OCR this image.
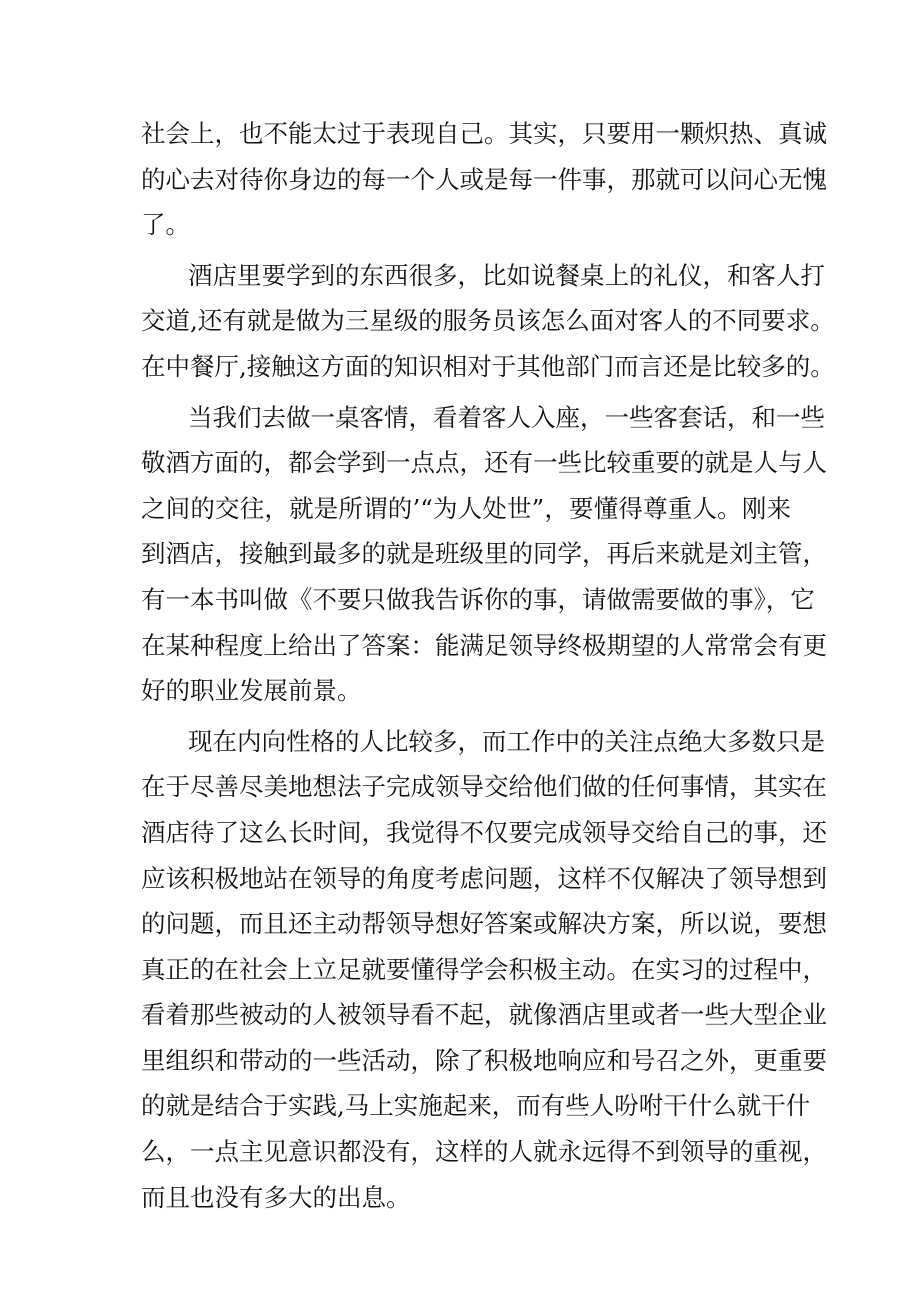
社会上，也不能太过于表现自己。其实，只要用一颗炽热、真诚
的心去对待你身边的每一个人或是每一件事，那就可以问心无愧
了。
酒店里要学到的东西很多，比如说餐桌上的礼仪，和客人打
交道,还有就是做为三星级的服务员该怎么面对客人的不同要求。
在中餐厅,接触这方面的知识相对于其他部门而言还是比较多的。
当我们去做一桌客情，看着客人入座，一些客套话，和一些
敬酒方面的，都会学到一点点，还有一些比较重要的就是人与人
之间的交往，就是所谓的’“为人处世”，要懂得尊重人。刚来
到酒店，接触到最多的就是班级里的同学，再后来就是刘主管，
有一本书叫做《不要只做我告诉你的事，请做需要做的事》，它
在某种程度上给出了答案：能满足领导终极期望的人常常会有更
好的职业发展前景。
现在内向性格的人比较多，而工作中的关注点绝大多数只是
在于尽善尽美地想法子完成领导交给他们做的任何事情，其实在
酒店待了这么长时间，我觉得不仅要完成领导交给自己的事，还
应该积极地站在领导的角度考虑问题，这样不仅解决了领导想到
的问题，而且还主动帮领导想好答案或解决方案，所以说，要想
真正的在社会上立足就要懂得学会积极主动。在实习的过程中，
看着那些被动的人被领导看不起，就像酒店里或者一些大型企业
里组织和带动的一些活动，除了积极地响应和号召之外，更重要
的就是结合于实践,马上实施起来，而有些人吩咐干什么就干什
么，一点主见意识都没有，这样的人就永远得不到领导的重视，
而且也没有多大的出息。
